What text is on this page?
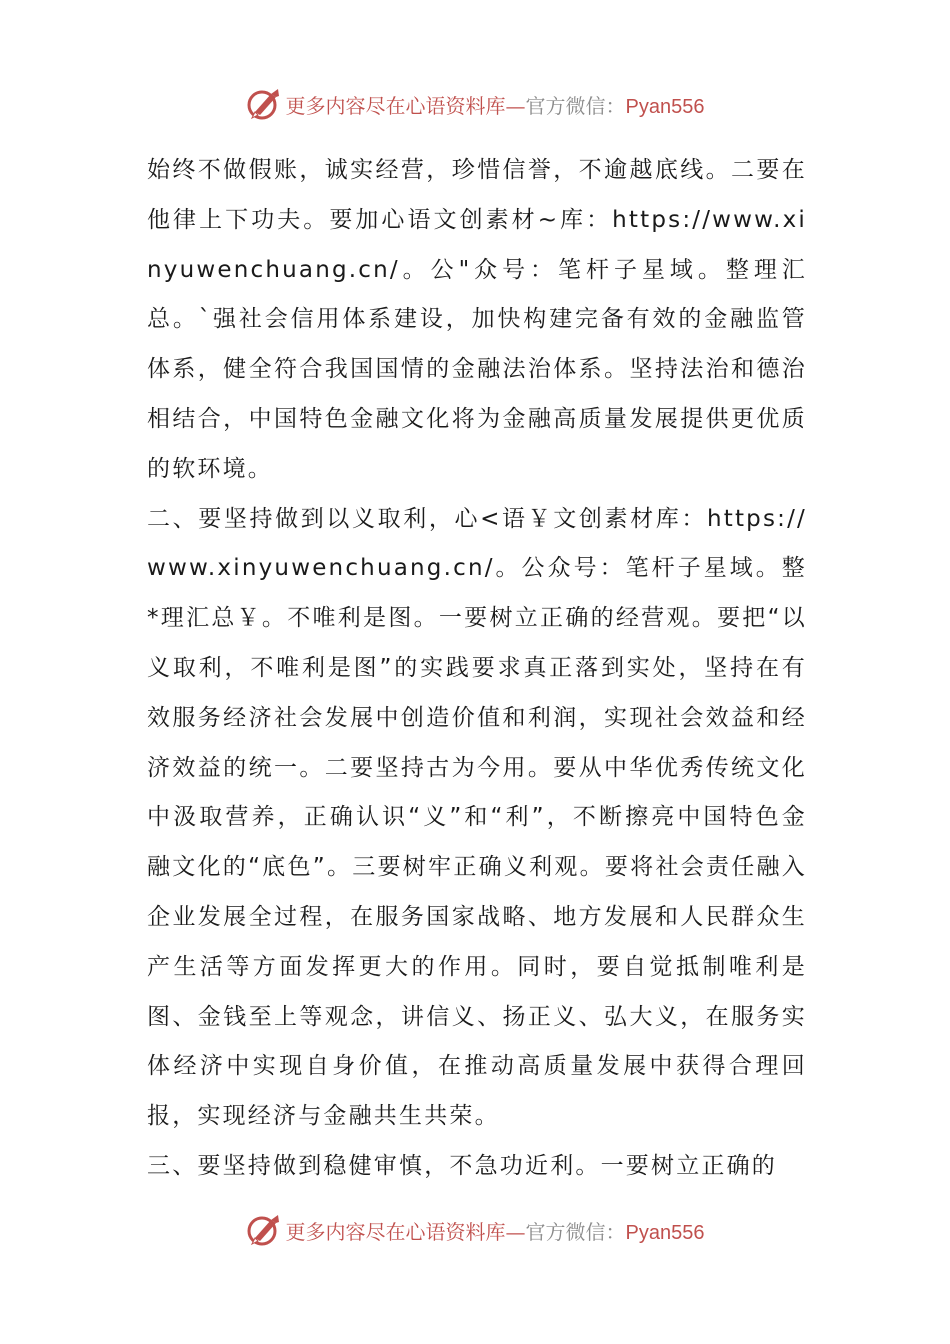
更多内容尽在心语资料库—官方微信：Pyan556

始终不做假账，诚实经营，珍惜信誉，不逾越底线。二要在他律上下功夫。要加心语文创素材~库：https://www.xinyuwenchuang.cn/。公"众号：笔杆子星域。整理汇总。`强社会信用体系建设，加快构建完备有效的金融监管体系，健全符合我国国情的金融法治体系。坚持法治和德治相结合，中国特色金融文化将为金融高质量发展提供更优质的软环境。

二、要坚持做到以义取利，心<语￥文创素材库：https://www.xinyuwenchuang.cn/。公众号：笔杆子星域。整*理汇总￥。不唯利是图。一要树立正确的经营观。要把“以义取利，不唯利是图”的实践要求真正落到实处，坚持在有效服务经济社会发展中创造价值和利润，实现社会效益和经济效益的统一。二要坚持古为今用。要从中华优秀传统文化中汲取营养，正确认识“义”和“利”，不断擦亮中国特色金融文化的“底色”。三要树牢正确义利观。要将社会责任融入企业发展全过程，在服务国家战略、地方发展和人民群众生产生活等方面发挥更大的作用。同时，要自觉抵制唯利是图、金钱至上等观念，讲信义、扬正义、弘大义，在服务实体经济中实现自身价值，在推动高质量发展中获得合理回报，实现经济与金融共生共荣。

三、要坚持做到稳健审慎，不急功近利。一要树立正确的

更多内容尽在心语资料库—官方微信：Pyan556
